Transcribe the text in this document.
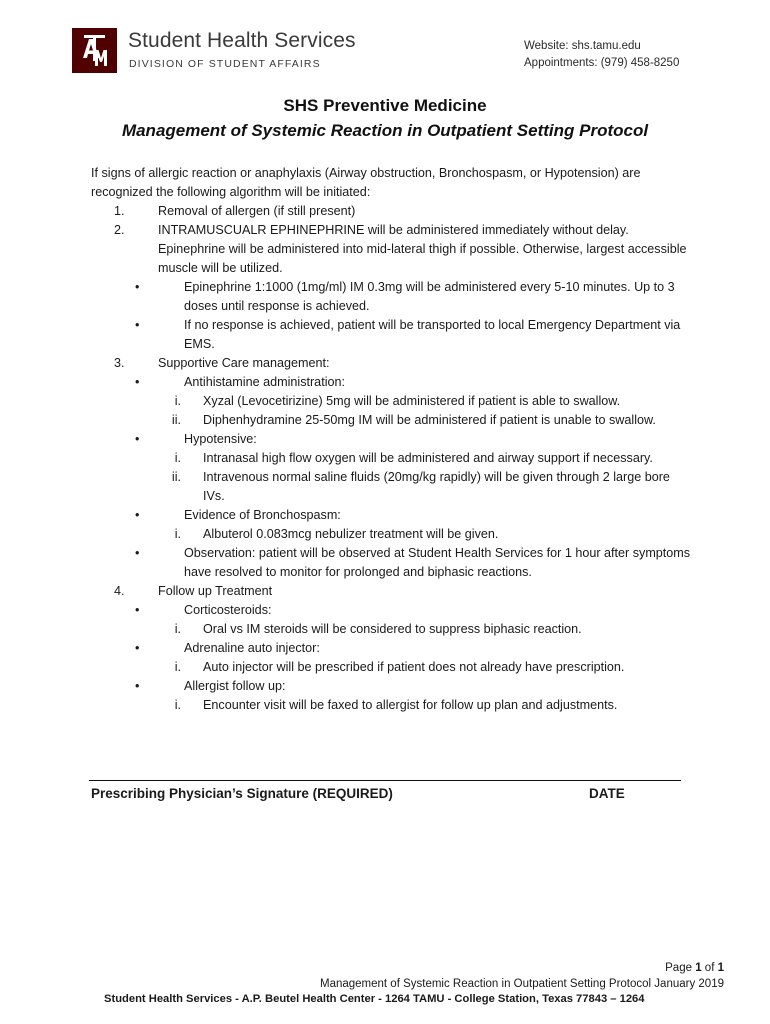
Student Health Services
DIVISION OF STUDENT AFFAIRS
Website: shs.tamu.edu
Appointments: (979) 458-8250
SHS Preventive Medicine
Management of Systemic Reaction in Outpatient Setting Protocol

If signs of allergic reaction or anaphylaxis (Airway obstruction, Bronchospasm, or Hypotension) are recognized the following algorithm will be initiated:

1.	Removal of allergen (if still present)
2.	INTRAMUSCUALR EPHINEPHRINE will be administered immediately without delay. Epinephrine will be administered into mid-lateral thigh if possible. Otherwise, largest accessible muscle will be utilized.
•	Epinephrine 1:1000 (1mg/ml) IM 0.3mg will be administered every 5-10 minutes. Up to 3 doses until response is achieved.
•	If no response is achieved, patient will be transported to local Emergency Department via EMS.
3.	Supportive Care management:
•	Antihistamine administration:
i. Xyzal (Levocetirizine) 5mg will be administered if patient is able to swallow.
ii. Diphenhydramine 25-50mg IM will be administered if patient is unable to swallow.
•	Hypotensive:
i. Intranasal high flow oxygen will be administered and airway support if necessary.
ii. Intravenous normal saline fluids (20mg/kg rapidly) will be given through 2 large bore IVs.
•	Evidence of Bronchospasm:
i. Albuterol 0.083mcg nebulizer treatment will be given.
•	Observation: patient will be observed at Student Health Services for 1 hour after symptoms have resolved to monitor for prolonged and biphasic reactions.
4.	Follow up Treatment
•	Corticosteroids:
i. Oral vs IM steroids will be considered to suppress biphasic reaction.
•	Adrenaline auto injector:
i. Auto injector will be prescribed if patient does not already have prescription.
•	Allergist follow up:
i. Encounter visit will be faxed to allergist for follow up plan and adjustments.
Prescribing Physician’s Signature (REQUIRED)	DATE
Page 1 of 1
Management of Systemic Reaction in Outpatient Setting Protocol January 2019
Student Health Services - A.P. Beutel Health Center - 1264 TAMU - College Station, Texas 77843 – 1264
